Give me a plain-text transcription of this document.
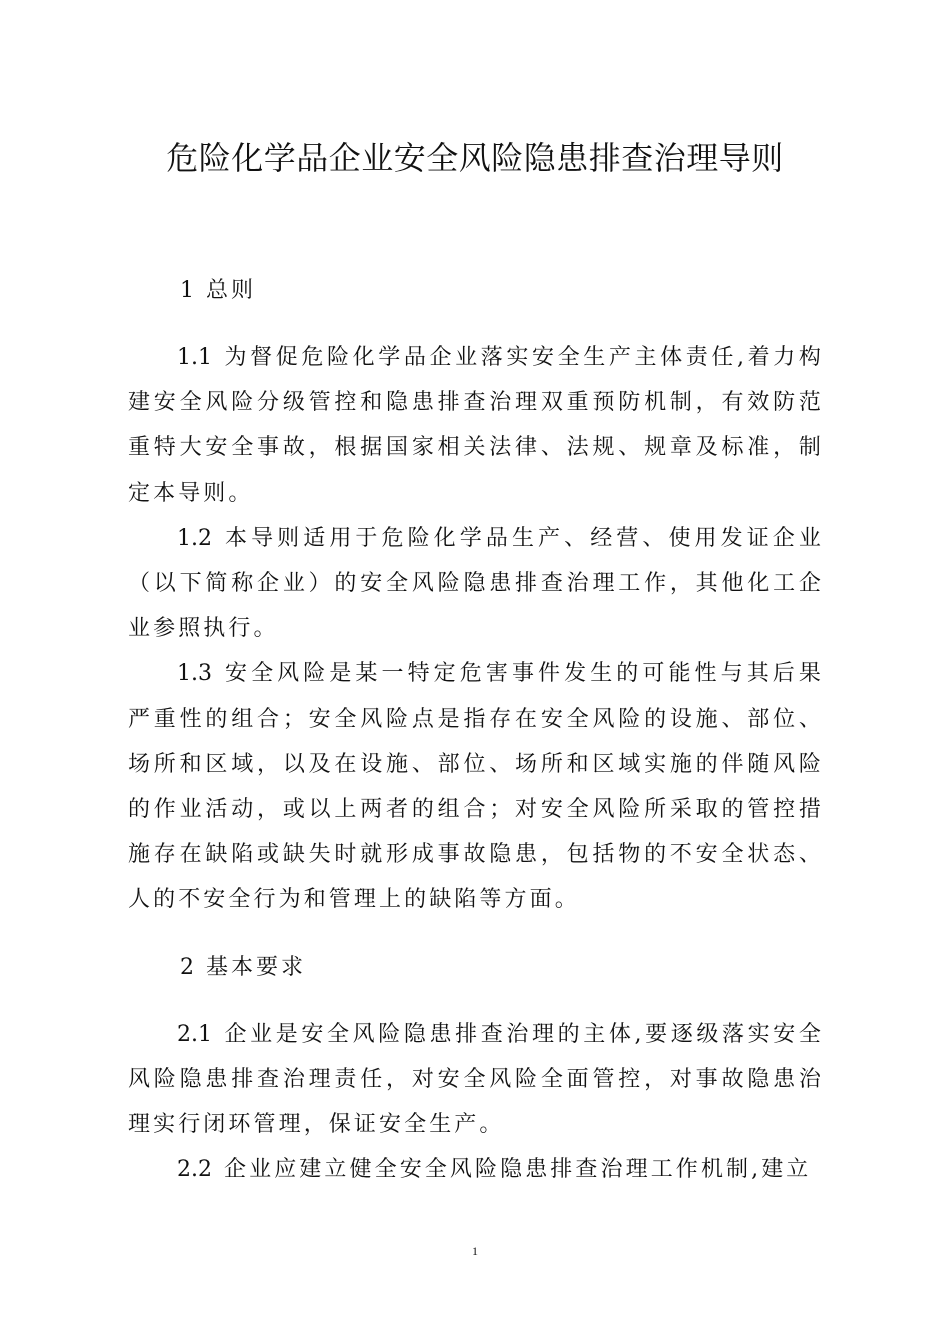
危险化学品企业安全风险隐患排查治理导则

1 总则

1.1 为督促危险化学品企业落实安全生产主体责任,着力构建安全风险分级管控和隐患排查治理双重预防机制，有效防范重特大安全事故，根据国家相关法律、法规、规章及标准，制定本导则。

1.2 本导则适用于危险化学品生产、经营、使用发证企业（以下简称企业）的安全风险隐患排查治理工作，其他化工企业参照执行。

1.3 安全风险是某一特定危害事件发生的可能性与其后果严重性的组合；安全风险点是指存在安全风险的设施、部位、场所和区域，以及在设施、部位、场所和区域实施的伴随风险的作业活动，或以上两者的组合；对安全风险所采取的管控措施存在缺陷或缺失时就形成事故隐患，包括物的不安全状态、人的不安全行为和管理上的缺陷等方面。

2 基本要求

2.1 企业是安全风险隐患排查治理的主体,要逐级落实安全风险隐患排查治理责任，对安全风险全面管控，对事故隐患治理实行闭环管理，保证安全生产。

2.2 企业应建立健全安全风险隐患排查治理工作机制,建立

1
